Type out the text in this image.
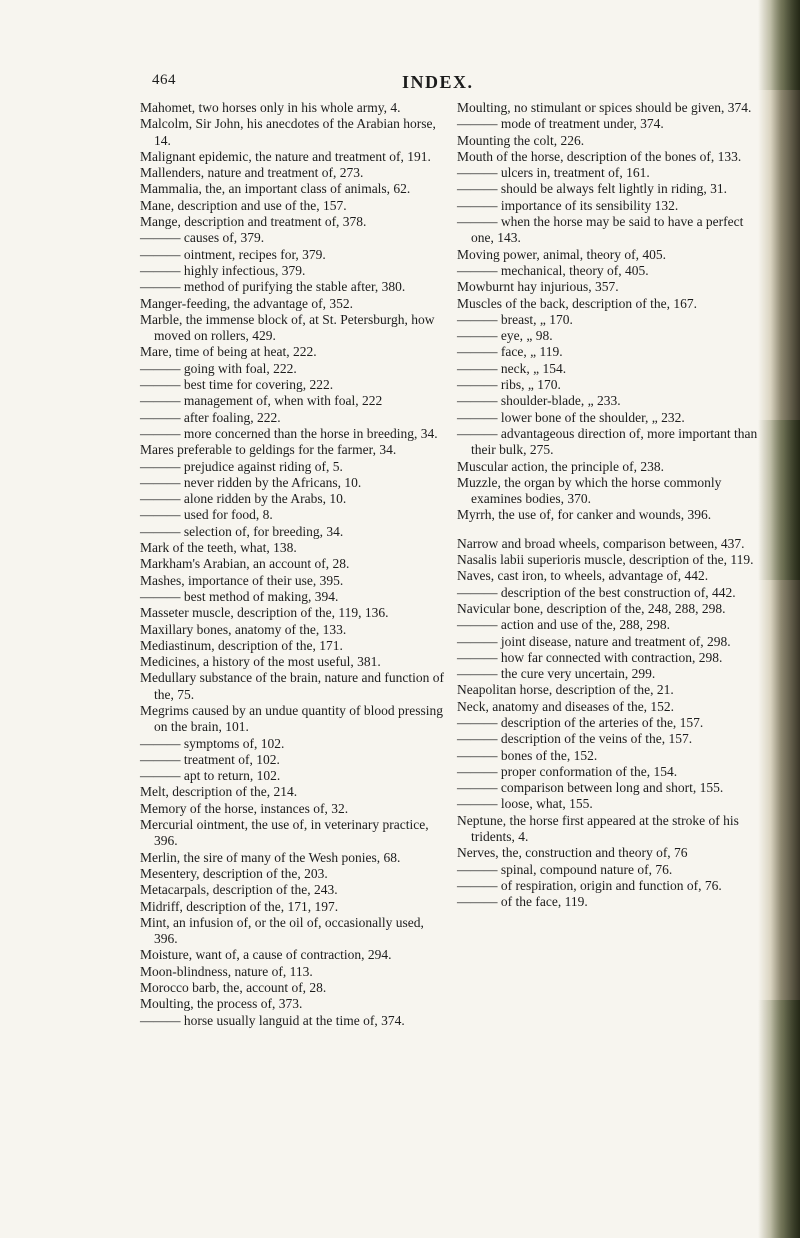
464	INDEX.

Mahomet, two horses only in his whole army, 4.

Malcolm, Sir John, his anecdotes of the Arabian horse, 14.

Malignant epidemic, the nature and treatment of, 191.

Mallenders, nature and treatment of, 273.

Mammalia, the, an important class of animals, 62.

Mane, description and use of the, 157.

Mange, description and treatment of, 378.

——— causes of, 379.

——— ointment, recipes for, 379.

——— highly infectious, 379.

——— method of purifying the stable after, 380.

Manger-feeding, the advantage of, 352.

Marble, the immense block of, at St. Petersburgh, how moved on rollers, 429.

Mare, time of being at heat, 222.

——— going with foal, 222.

——— best time for covering, 222.

——— management of, when with foal, 222

——— after foaling, 222.

——— more concerned than the horse in breeding, 34.

Mares preferable to geldings for the farmer, 34.

——— prejudice against riding of, 5.

——— never ridden by the Africans, 10.

——— alone ridden by the Arabs, 10.

——— used for food, 8.

——— selection of, for breeding, 34.

Mark of the teeth, what, 138.

Markham's Arabian, an account of, 28.

Mashes, importance of their use, 395.

——— best method of making, 394.

Masseter muscle, description of the, 119, 136.

Maxillary bones, anatomy of the, 133.

Mediastinum, description of the, 171.

Medicines, a history of the most useful, 381.

Medullary substance of the brain, nature and function of the, 75.

Megrims caused by an undue quantity of blood pressing on the brain, 101.

——— symptoms of, 102.

——— treatment of, 102.

——— apt to return, 102.

Melt, description of the, 214.

Memory of the horse, instances of, 32.

Mercurial ointment, the use of, in veterinary practice, 396.

Merlin, the sire of many of the Wesh ponies, 68.

Mesentery, description of the, 203.

Metacarpals, description of the, 243.

Midriff, description of the, 171, 197.

Mint, an infusion of, or the oil of, occasionally used, 396.

Moisture, want of, a cause of contraction, 294.

Moon-blindness, nature of, 113.

Morocco barb, the, account of, 28.

Moulting, the process of, 373.

——— horse usually languid at the time of, 374.

Moulting, no stimulant or spices should be given, 374.

——— mode of treatment under, 374.

Mounting the colt, 226.

Mouth of the horse, description of the bones of, 133.

——— ulcers in, treatment of, 161.

——— should be always felt lightly in riding, 31.

——— importance of its sensibility 132.

——— when the horse may be said to have a perfect one, 143.

Moving power, animal, theory of, 405.

——— mechanical, theory of, 405.

Mowburnt hay injurious, 357.

Muscles of the back, description of the, 167.

——— breast, „ 170.

——— eye, „ 98.

——— face, „ 119.

——— neck, „ 154.

——— ribs, „ 170.

——— shoulder-blade, „ 233.

——— lower bone of the shoulder, „ 232.

——— advantageous direction of, more important than their bulk, 275.

Muscular action, the principle of, 238.

Muzzle, the organ by which the horse commonly examines bodies, 370.

Myrrh, the use of, for canker and wounds, 396.

Narrow and broad wheels, comparison between, 437.

Nasalis labii superioris muscle, description of the, 119.

Naves, cast iron, to wheels, advantage of, 442.

——— description of the best construction of, 442.

Navicular bone, description of the, 248, 288, 298.

——— action and use of the, 288, 298.

——— joint disease, nature and treatment of, 298.

——— how far connected with contraction, 298.

——— the cure very uncertain, 299.

Neapolitan horse, description of the, 21.

Neck, anatomy and diseases of the, 152.

——— description of the arteries of the, 157.

——— description of the veins of the, 157.

——— bones of the, 152.

——— proper conformation of the, 154.

——— comparison between long and short, 155.

——— loose, what, 155.

Neptune, the horse first appeared at the stroke of his tridents, 4.

Nerves, the, construction and theory of, 76

——— spinal, compound nature of, 76.

——— of respiration, origin and function of, 76.

——— of the face, 119.
